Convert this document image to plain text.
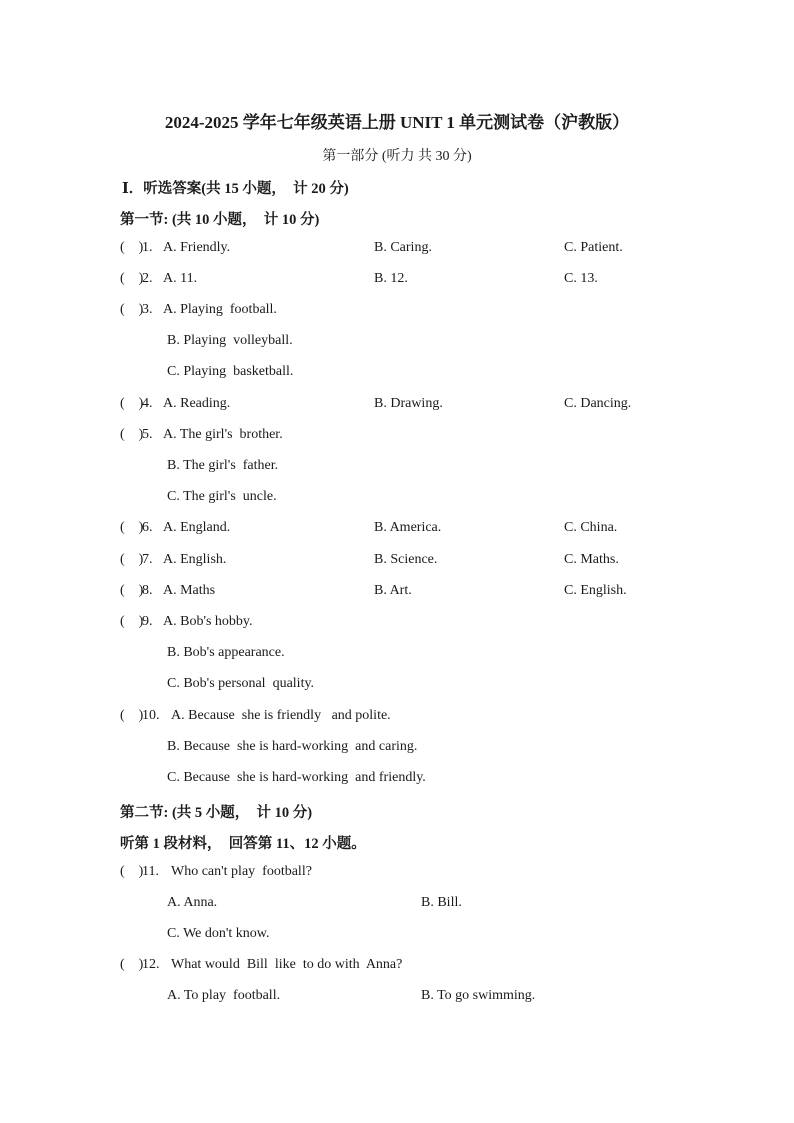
2024-2025 学年七年级英语上册 UNIT 1 单元测试卷（沪教版）
第一部分 (听力 共 30 分)
Ⅰ．听选答案(共 15 小题，  计 20 分)
第一节: (共 10 小题，  计 10 分)
(    )
1. A. Friendly.	B. Caring.	C. Patient.
(    )
2. A. 11.	B. 12.	C. 13.
(    )
3. A. Playing  football.
B. Playing  volleyball.
C. Playing  basketball.
(    )
4. A. Reading.	B. Drawing.	C. Dancing.
(    )
5. A. The girl's  brother.
B. The girl's  father.
C. The girl's  uncle.
(    )
6. A. England.	B. America.	C. China.
(    )
7. A. English.	B. Science.	C. Maths.
(    )
8. A. Maths	B. Art.	C. English.
(    )
9. A. Bob's hobby.
B. Bob's appearance.
C. Bob's personal  quality.
(    )
10. A. Because  she is friendly   and polite.
B. Because  she is hard-working  and caring.
C. Because  she is hard-working  and friendly.
第二节: (共 5 小题，  计 10 分)
听第 1 段材料，  回答第 11、12 小题。
(    )
11. Who can't play  football?
A. Anna.	B. Bill.
C. We don't know.
(    )
12. What would  Bill  like  to do with  Anna?
A. To play  football.	B. To go swimming.
